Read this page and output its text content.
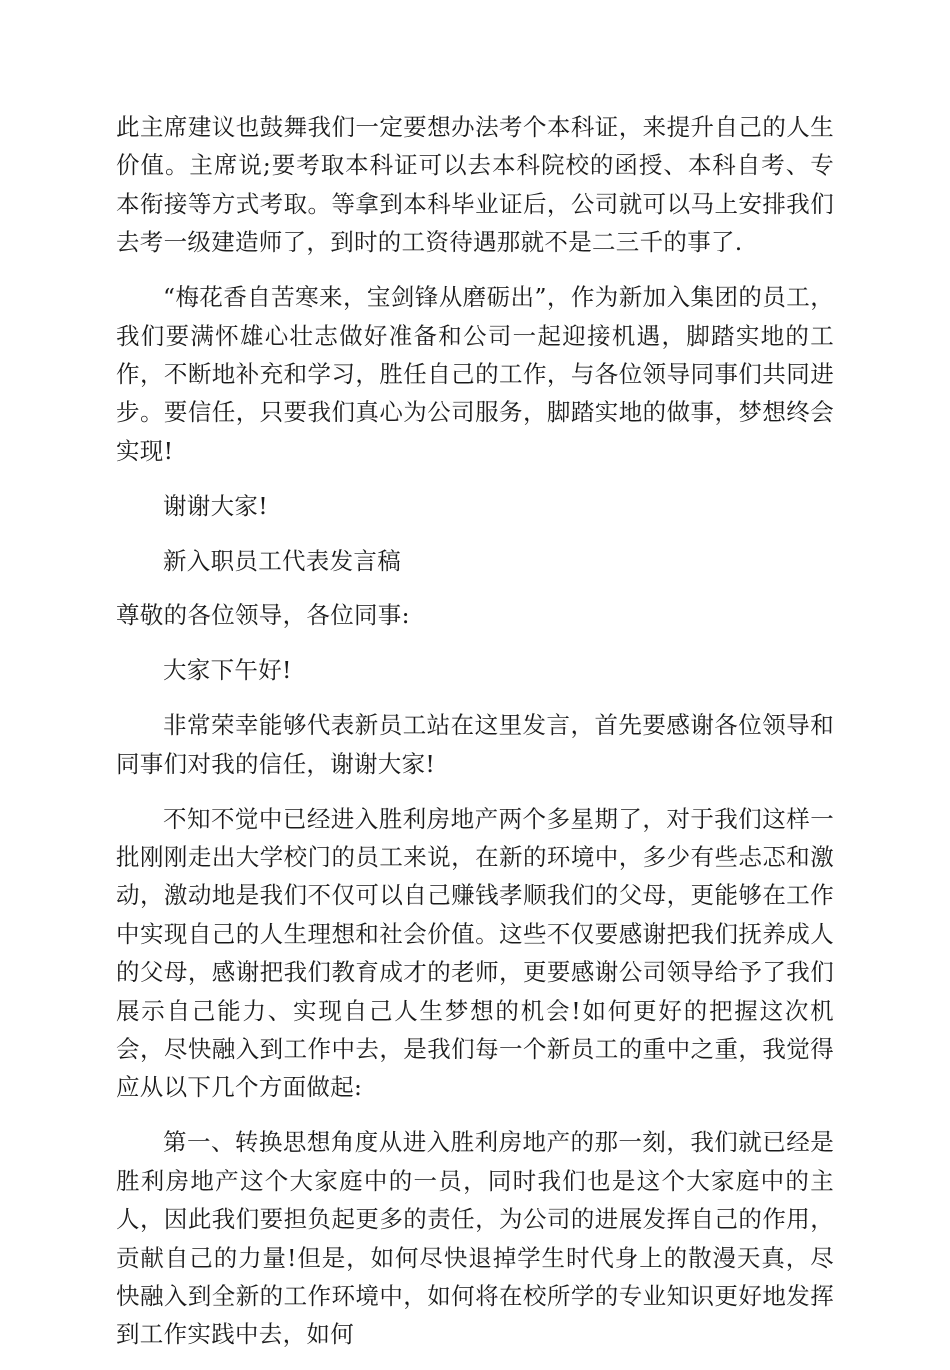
此主席建议也鼓舞我们一定要想办法考个本科证，来提升自己的人生价值。主席说;要考取本科证可以去本科院校的函授、本科自考、专本衔接等方式考取。等拿到本科毕业证后，公司就可以马上安排我们去考一级建造师了，到时的工资待遇那就不是二三千的事了.

“梅花香自苦寒来，宝剑锋从磨砺出”，作为新加入集团的员工，我们要满怀雄心壮志做好准备和公司一起迎接机遇，脚踏实地的工作，不断地补充和学习，胜任自己的工作，与各位领导同事们共同进步。要信任，只要我们真心为公司服务，脚踏实地的做事，梦想终会实现!

谢谢大家!

新入职员工代表发言稿

尊敬的各位领导，各位同事:

大家下午好!

非常荣幸能够代表新员工站在这里发言，首先要感谢各位领导和同事们对我的信任，谢谢大家!

不知不觉中已经进入胜利房地产两个多星期了，对于我们这样一批刚刚走出大学校门的员工来说，在新的环境中，多少有些忐忑和激动，激动地是我们不仅可以自己赚钱孝顺我们的父母，更能够在工作中实现自己的人生理想和社会价值。这些不仅要感谢把我们抚养成人的父母，感谢把我们教育成才的老师，更要感谢公司领导给予了我们展示自己能力、实现自己人生梦想的机会!如何更好的把握这次机会，尽快融入到工作中去，是我们每一个新员工的重中之重，我觉得应从以下几个方面做起:

第一、转换思想角度从进入胜利房地产的那一刻，我们就已经是胜利房地产这个大家庭中的一员，同时我们也是这个大家庭中的主人，因此我们要担负起更多的责任，为公司的进展发挥自己的作用，贡献自己的力量!但是，如何尽快退掉学生时代身上的散漫天真，尽快融入到全新的工作环境中，如何将在校所学的专业知识更好地发挥到工作实践中去，如何
